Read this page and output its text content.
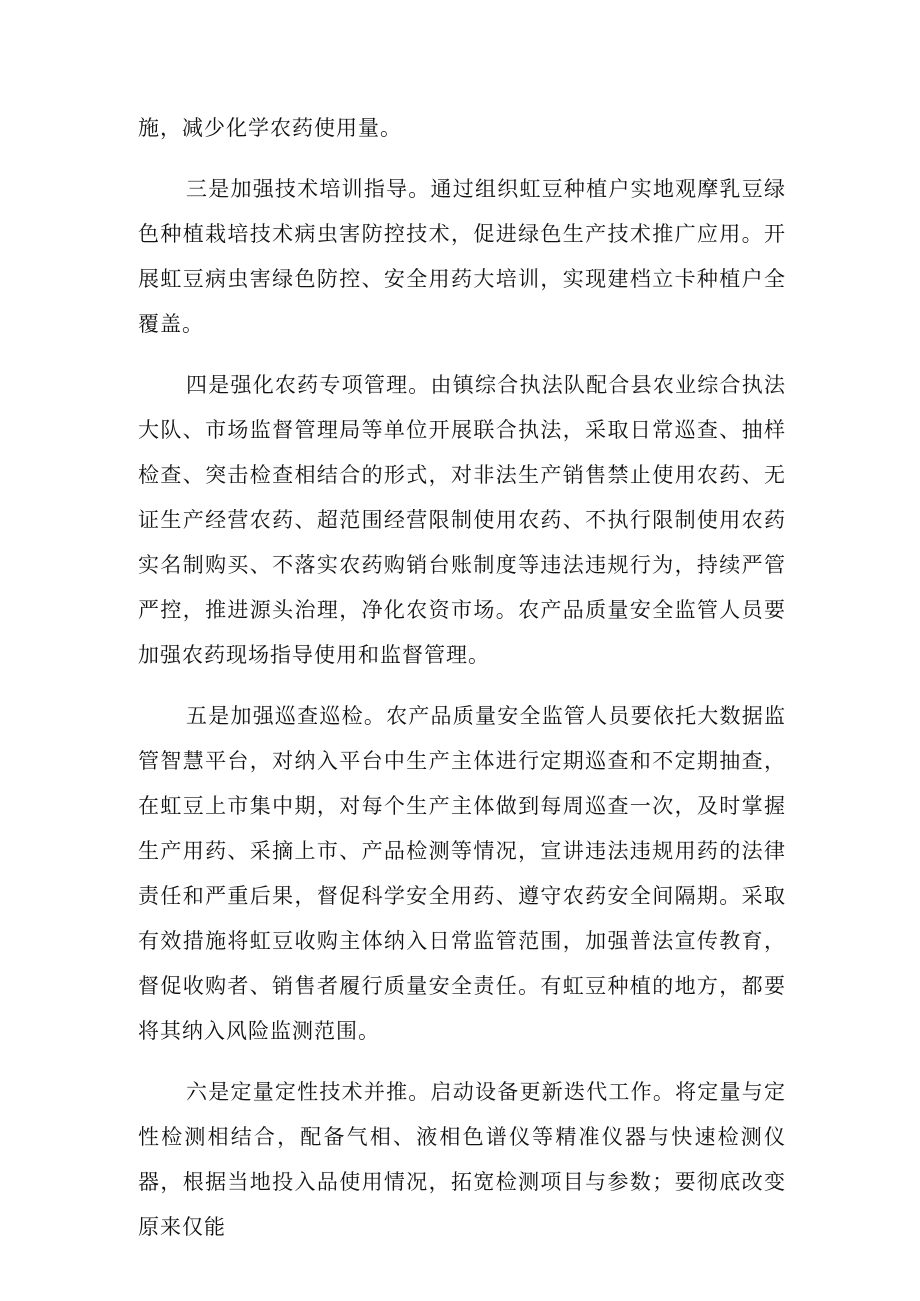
施，减少化学农药使用量。

三是加强技术培训指导。通过组织虹豆种植户实地观摩乳豆绿色种植栽培技术病虫害防控技术，促进绿色生产技术推广应用。开展虹豆病虫害绿色防控、安全用药大培训，实现建档立卡种植户全覆盖。

四是强化农药专项管理。由镇综合执法队配合县农业综合执法大队、市场监督管理局等单位开展联合执法，采取日常巡查、抽样检查、突击检查相结合的形式，对非法生产销售禁止使用农药、无证生产经营农药、超范围经营限制使用农药、不执行限制使用农药实名制购买、不落实农药购销台账制度等违法违规行为，持续严管严控，推进源头治理，净化农资市场。农产品质量安全监管人员要加强农药现场指导使用和监督管理。

五是加强巡查巡检。农产品质量安全监管人员要依托大数据监管智慧平台，对纳入平台中生产主体进行定期巡查和不定期抽查，在虹豆上市集中期，对每个生产主体做到每周巡查一次，及时掌握生产用药、采摘上市、产品检测等情况，宣讲违法违规用药的法律责任和严重后果，督促科学安全用药、遵守农药安全间隔期。采取有效措施将虹豆收购主体纳入日常监管范围，加强普法宣传教育，督促收购者、销售者履行质量安全责任。有虹豆种植的地方，都要将其纳入风险监测范围。

六是定量定性技术并推。启动设备更新迭代工作。将定量与定性检测相结合，配备气相、液相色谱仪等精准仪器与快速检测仪器，根据当地投入品使用情况，拓宽检测项目与参数；要彻底改变原来仅能
